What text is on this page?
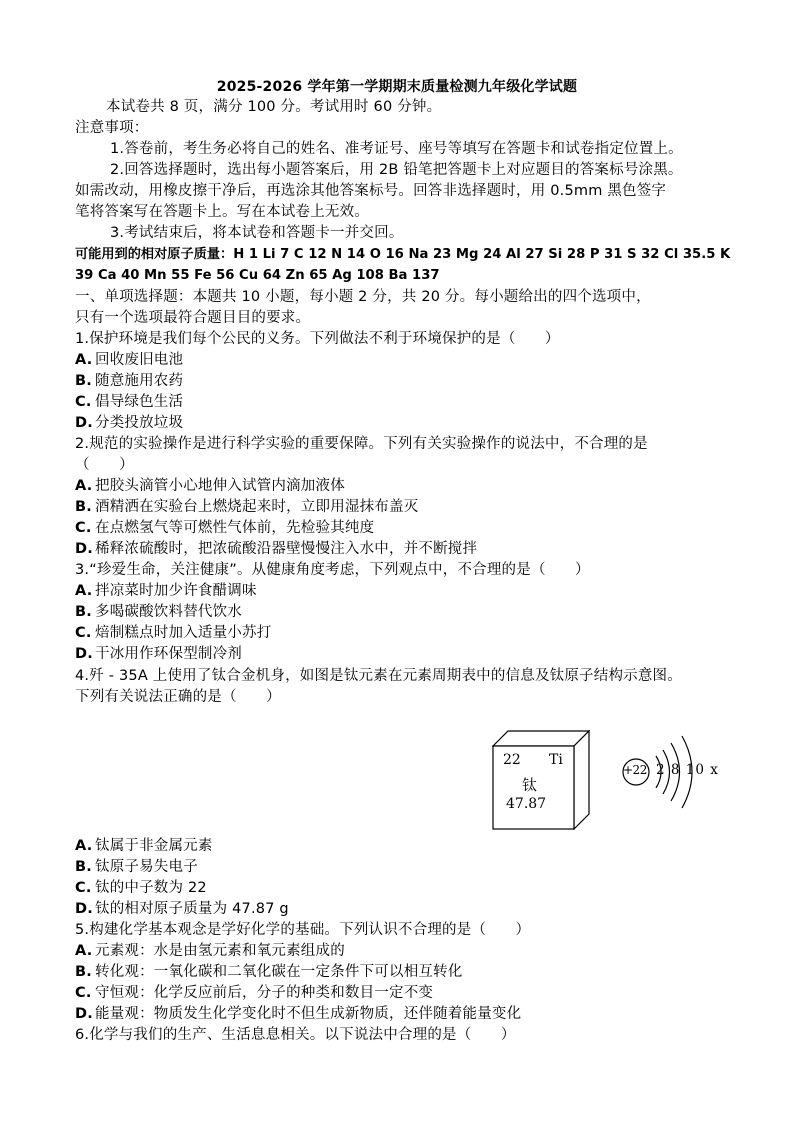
2025-2026 学年第一学期期末质量检测九年级化学试题
本试卷共 8 页，满分 100 分。考试用时 60 分钟。
注意事项：
1.答卷前，考生务必将自己的姓名、准考证号、座号等填写在答题卡和试卷指定位置上。
2.回答选择题时，选出每小题答案后，用 2B 铅笔把答题卡上对应题目的答案标号涂黑。
如需改动，用橡皮擦干净后，再选涂其他答案标号。回答非选择题时，用 0.5mm 黑色签字
笔将答案写在答题卡上。写在本试卷上无效。
3.考试结束后，将本试卷和答题卡一并交回。
可能用到的相对原子质量：H 1 Li 7 C 12 N 14 O 16 Na 23 Mg 24 Al 27 Si 28 P 31 S 32 Cl 35.5 K
39 Ca 40 Mn 55 Fe 56 Cu 64 Zn 65 Ag 108 Ba 137
一、单项选择题：本题共 10 小题，每小题 2 分，共 20 分。每小题给出的四个选项中，
只有一个选项最符合题目目的要求。
1.保护环境是我们每个公民的义务。下列做法不利于环境保护的是（　　）
A. 回收废旧电池
B. 随意施用农药
C. 倡导绿色生活
D. 分类投放垃圾
2.规范的实验操作是进行科学实验的重要保障。下列有关实验操作的说法中，不合理的是
（　　）
A. 把胶头滴管小心地伸入试管内滴加液体
B. 酒精洒在实验台上燃烧起来时，立即用湿抹布盖灭
C. 在点燃氢气等可燃性气体前，先检验其纯度
D. 稀释浓硫酸时，把浓硫酸沿器壁慢慢注入水中，并不断搅拌
3.“珍爱生命，关注健康”。从健康角度考虑，下列观点中，不合理的是（　　）
A. 拌凉菜时加少许食醋调味
B. 多喝碳酸饮料替代饮水
C. 焙制糕点时加入适量小苏打
D. 干冰用作环保型制冷剂
4.歼 - 35A 上使用了钛合金机身，如图是钛元素在元素周期表中的信息及钛原子结构示意图。
下列有关说法正确的是（　　）
22 Ti
钛
47.87
+22 2 8 10 x
A. 钛属于非金属元素
B. 钛原子易失电子
C. 钛的中子数为 22
D. 钛的相对原子质量为 47.87 g
5.构建化学基本观念是学好化学的基础。下列认识不合理的是（　　）
A. 元素观：水是由氢元素和氧元素组成的
B. 转化观：一氧化碳和二氧化碳在一定条件下可以相互转化
C. 守恒观：化学反应前后，分子的种类和数目一定不变
D. 能量观：物质发生化学变化时不但生成新物质，还伴随着能量变化
6.化学与我们的生产、生活息息相关。以下说法中合理的是（　　）
